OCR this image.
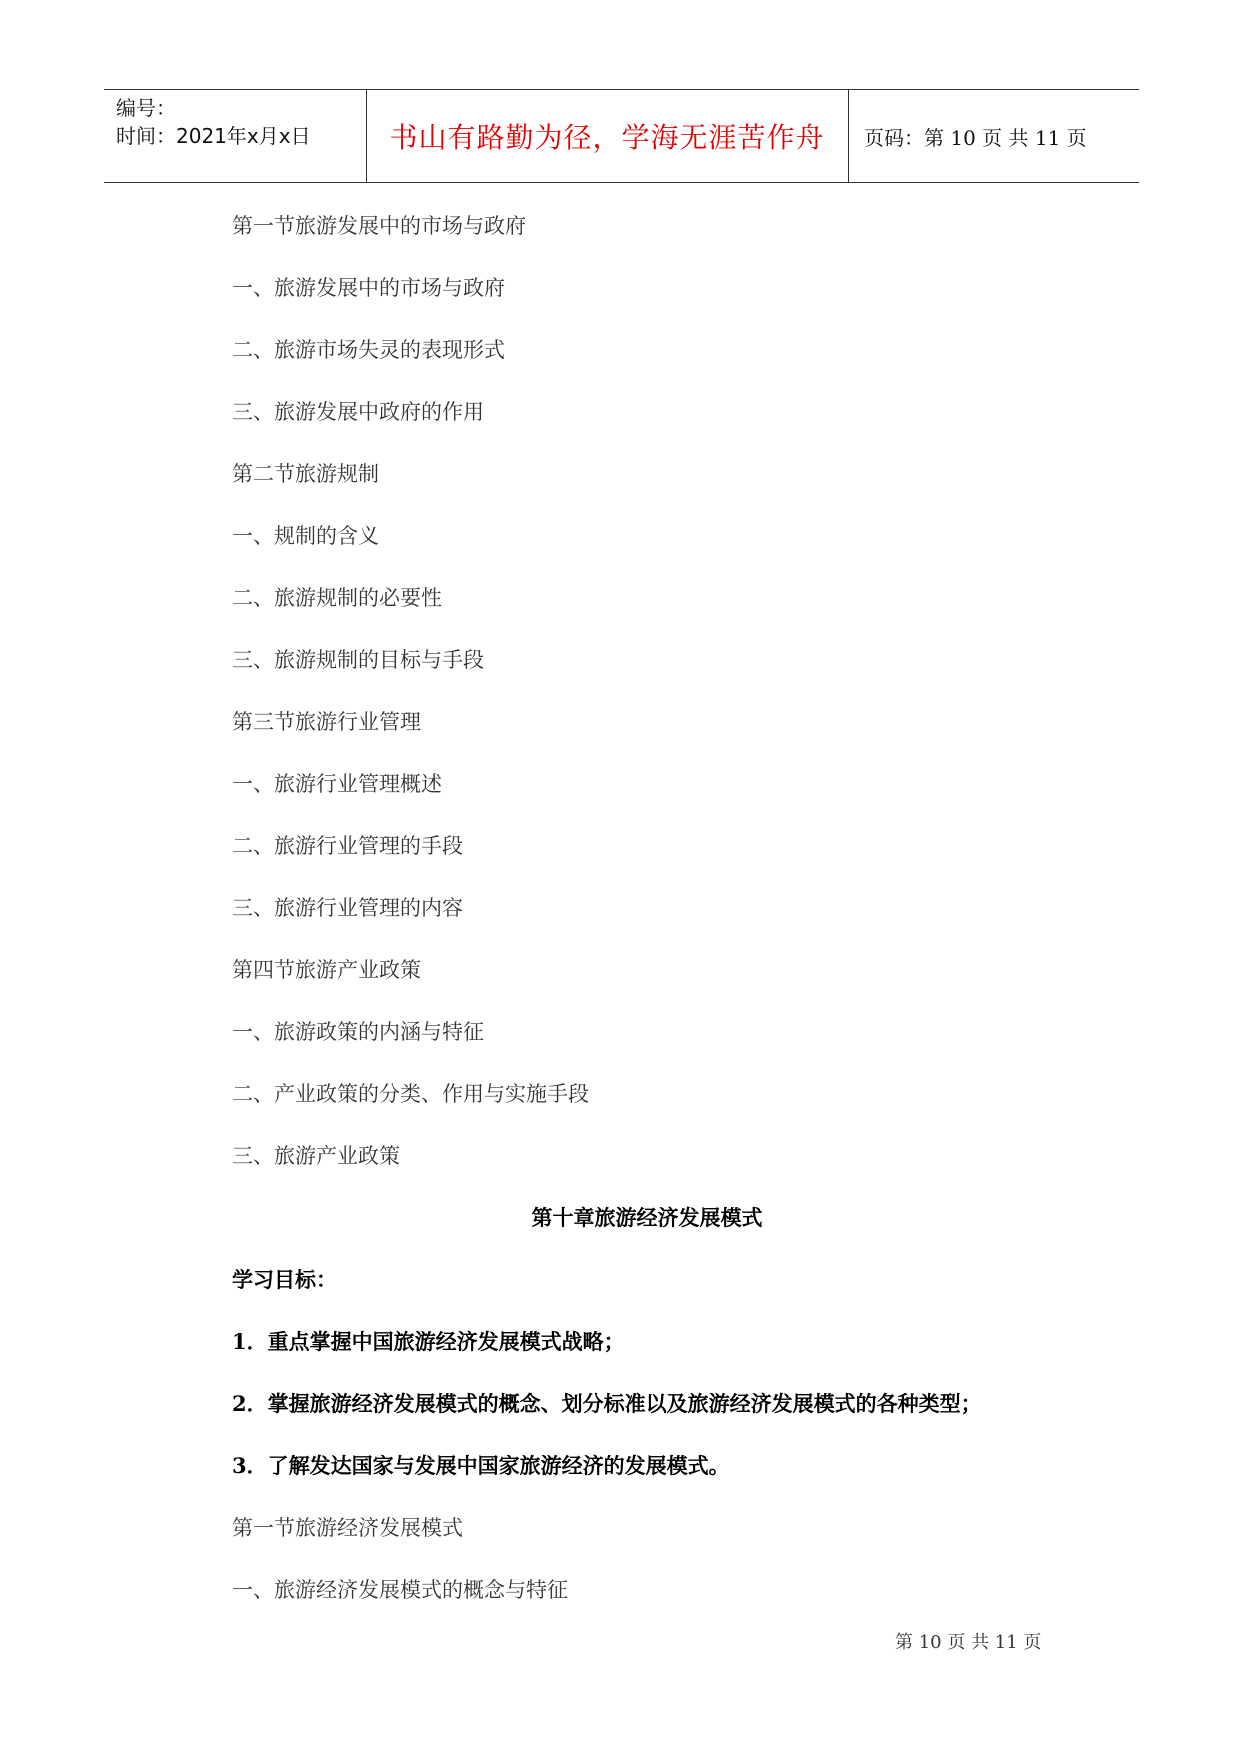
编号：
时间：2021年x月x日	书山有路勤为径，学海无涯苦作舟	页码：第 10 页 共 11 页
第一节旅游发展中的市场与政府
一、旅游发展中的市场与政府
二、旅游市场失灵的表现形式
三、旅游发展中政府的作用
第二节旅游规制
一、规制的含义
二、旅游规制的必要性
三、旅游规制的目标与手段
第三节旅游行业管理
一、旅游行业管理概述
二、旅游行业管理的手段
三、旅游行业管理的内容
第四节旅游产业政策
一、旅游政策的内涵与特征
二、产业政策的分类、作用与实施手段
三、旅游产业政策
第十章旅游经济发展模式
学习目标：
1．重点掌握中国旅游经济发展模式战略；
2．掌握旅游经济发展模式的概念、划分标准以及旅游经济发展模式的各种类型；
3．了解发达国家与发展中国家旅游经济的发展模式。
第一节旅游经济发展模式
一、旅游经济发展模式的概念与特征
第 10 页 共 11 页
